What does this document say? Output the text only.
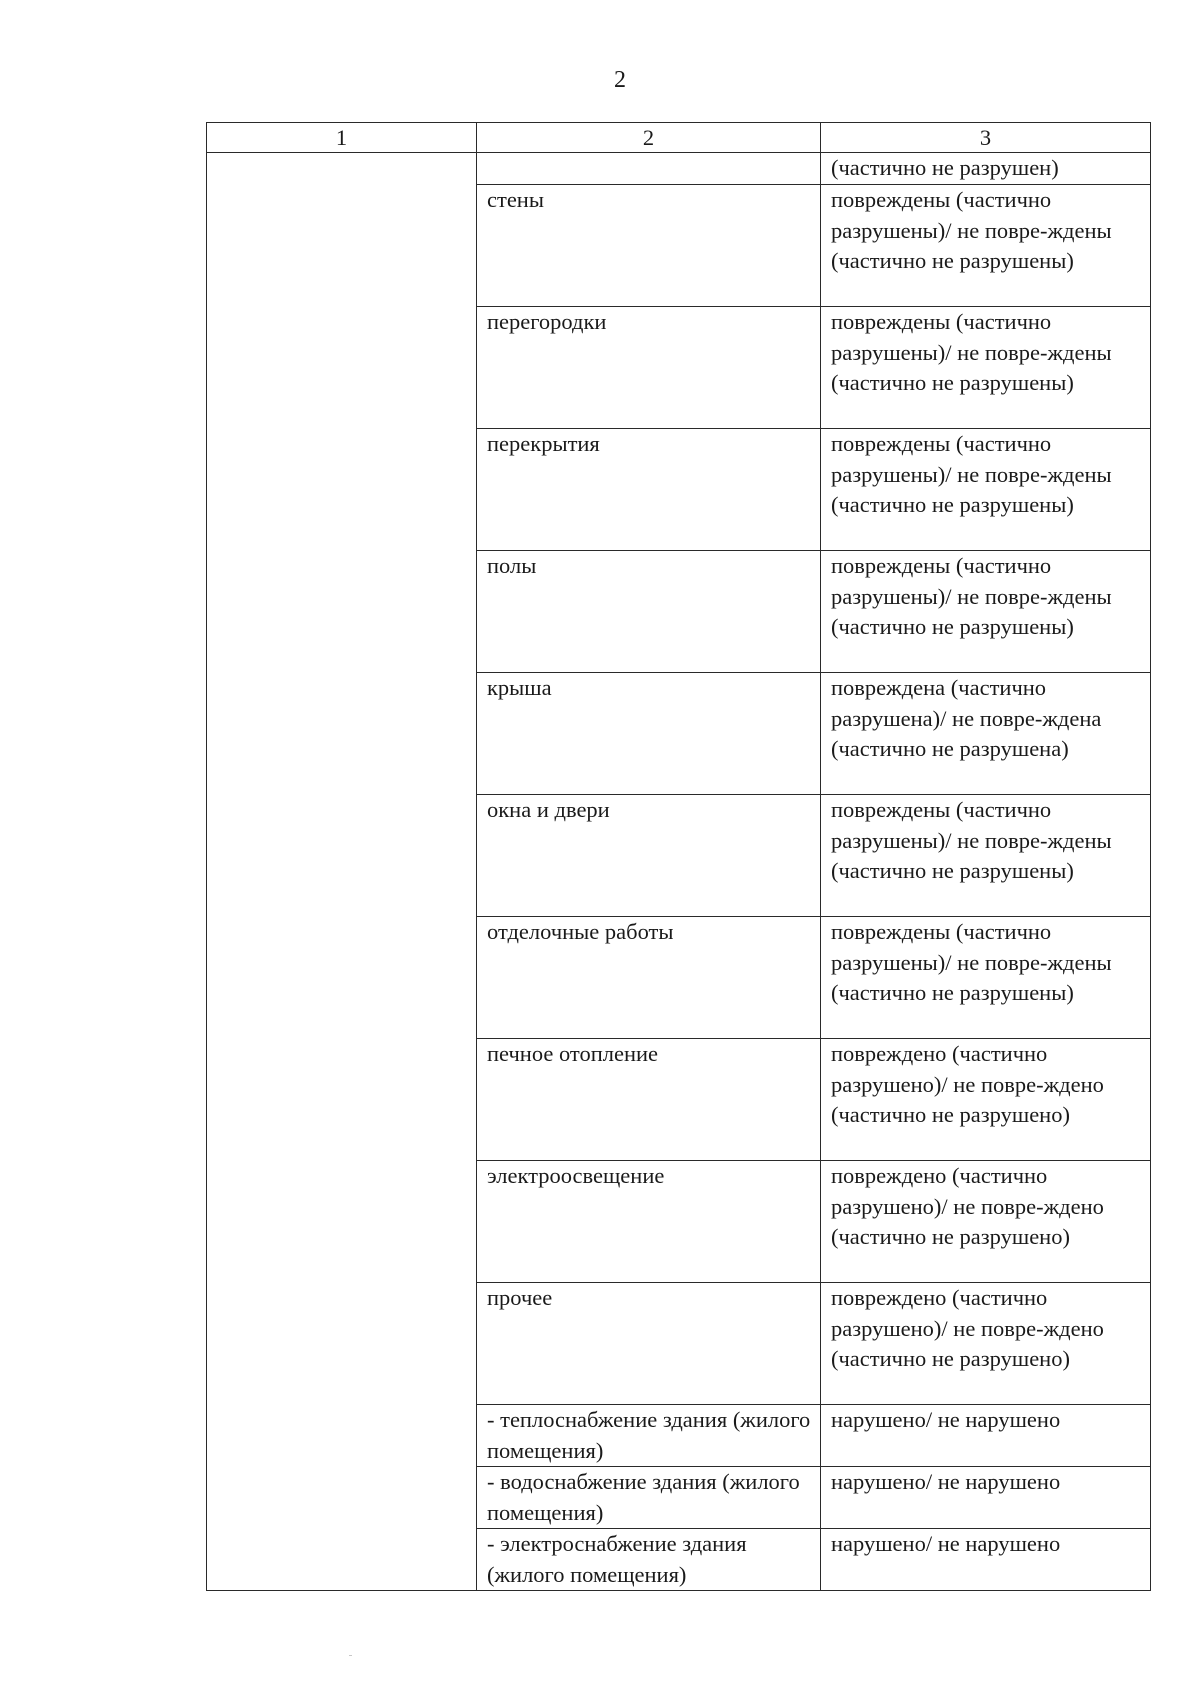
2
1	2	3
		(частично не разрушен)
	стены	повреждены (частично разрушены)/ не повре-ждены (частично не разрушены)

	перегородки	повреждены (частично разрушены)/ не повре-ждены (частично не разрушены)

	перекрытия	повреждены (частично разрушены)/ не повре-ждены (частично не разрушены)

	полы	повреждены (частично разрушены)/ не повре-ждены (частично не разрушены)

	крыша	повреждена (частично разрушена)/ не повре-ждена (частично не разрушена)

	окна и двери	повреждены (частично разрушены)/ не повре-ждены (частично не разрушены)

	отделочные работы	повреждены (частично разрушены)/ не повре-ждены (частично не разрушены)

	печное отопление	повреждено (частично разрушено)/ не повре-ждено (частично не разрушено)

	электроосвещение	повреждено (частично разрушено)/ не повре-ждено (частично не разрушено)

	прочее	повреждено (частично разрушено)/ не повре-ждено (частично не разрушено)

	- теплоснабжение здания (жилого помещения)	нарушено/ не нарушено
	- водоснабжение здания (жилого помещения)	нарушено/ не нарушено
	- электроснабжение здания (жилого помещения)	нарушено/ не нарушено
